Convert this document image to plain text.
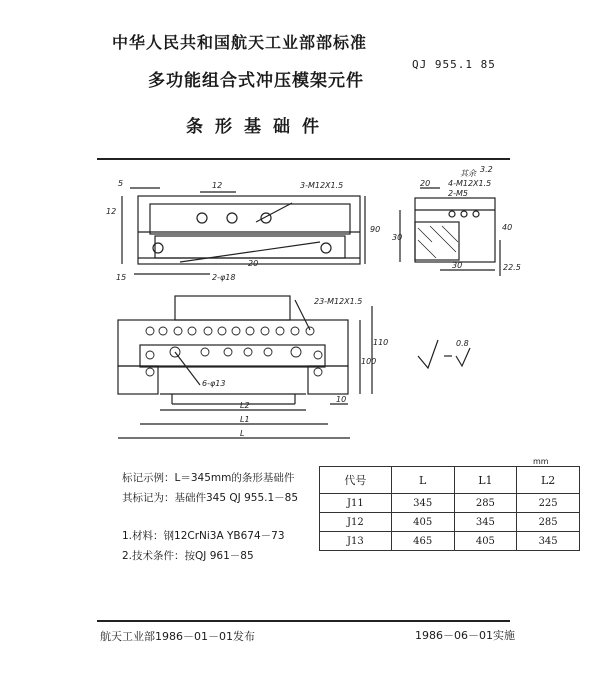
中华人民共和国航天工业部部标准
QJ 955.1 85
多功能组合式冲压模架元件
条形基础件
5	12	3-M12X1.5
12
90
15	2-φ18
20
其余 3.2
4-M12X1.5
2-M5
20
30
40
30	22.5
23-M12X1.5
6-φ13
100
110
L2
L1
L
10
0.8
标记示例：L＝345mm的条形基础件
其标记为：基础件345 QJ 955.1－85
1.材料：钢12CrNi3A YB674－73
2.技术条件：按QJ 961－85
mm
代号	L	L1	L2
J11	345	285	225
J12	405	345	285
J13	465	405	345
航天工业部1986－01－01发布	1986－06－01实施
